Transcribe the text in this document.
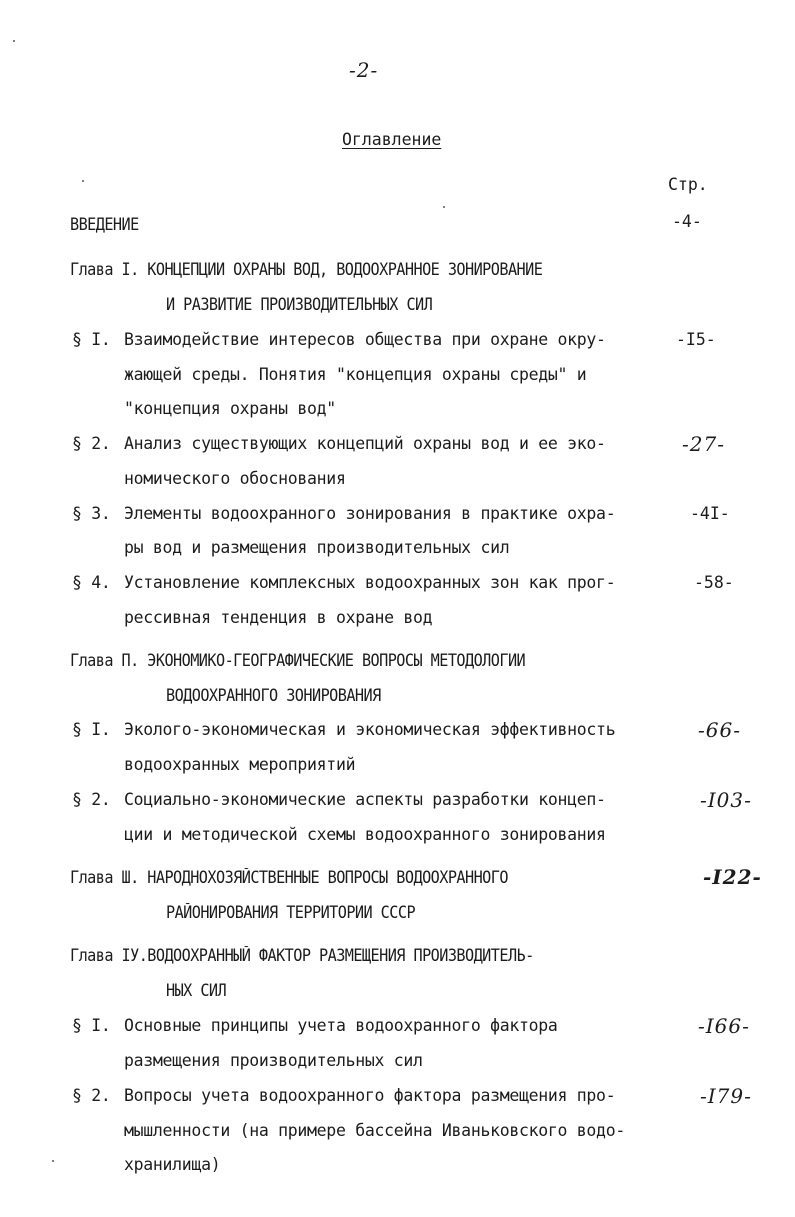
-2-
Оглавление
Стр.
ВВЕДЕНИЕ	-4-
Глава I. КОНЦЕПЦИИ ОХРАНЫ ВОД, ВОДООХРАННОЕ ЗОНИРОВАНИЕ
И РАЗВИТИЕ ПРОИЗВОДИТЕЛЬНЫХ СИЛ
§ I. Взаимодействие интересов общества при охране окру-
жающей среды. Понятия "концепция охраны среды" и
"концепция охраны вод"
-I5-
§ 2. Анализ существующих концепций охраны вод и ее эко-
номического обоснования
-27-
§ 3. Элементы водоохранного зонирования в практике охра-
ры вод и размещения производительных сил
-4I-
§ 4. Установление комплексных водоохранных зон как прог-
рессивная тенденция в охране вод
-58-
Глава П. ЭКОНОМИКО-ГЕОГРАФИЧЕСКИЕ ВОПРОСЫ МЕТОДОЛОГИИ
ВОДООХРАННОГО ЗОНИРОВАНИЯ
§ I. Эколого-экономическая и экономическая эффективность
водоохранных мероприятий
-66-
§ 2. Социально-экономические аспекты разработки концеп-
ции и методической схемы водоохранного зонирования
-I03-
Глава Ш. НАРОДНОХОЗЯЙСТВЕННЫЕ ВОПРОСЫ ВОДООХРАННОГО
РАЙОНИРОВАНИЯ ТЕРРИТОРИИ СССР
-I22-
Глава IУ.ВОДООХРАННЫЙ ФАКТОР РАЗМЕЩЕНИЯ ПРОИЗВОДИТЕЛЬ-
НЫХ СИЛ
§ I. Основные принципы учета водоохранного фактора
размещения производительных сил
-I66-
§ 2. Вопросы учета водоохранного фактора размещения про-
мышленности (на примере бассейна Иваньковского водо-
хранилища)
-I79-
